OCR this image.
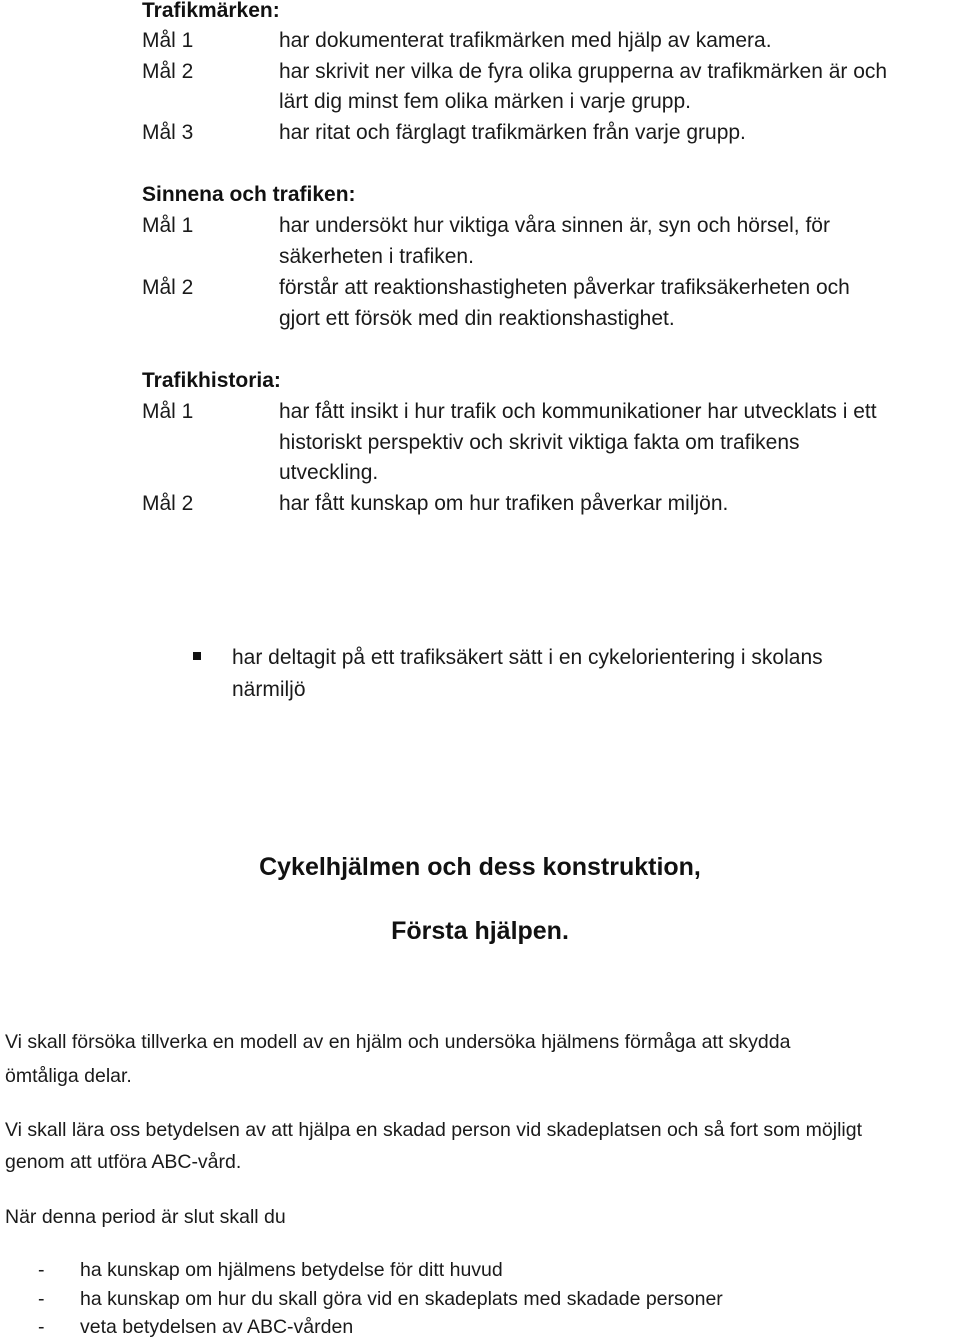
Trafikmärken:
Mål 1	har dokumenterat trafikmärken med hjälp av kamera.
Mål 2	har skrivit ner vilka de fyra olika grupperna av trafikmärken är och
lärt dig minst fem olika märken i varje grupp.
Mål 3	har ritat och färglagt trafikmärken från varje grupp.
Sinnena och trafiken:
Mål 1	har undersökt hur viktiga våra sinnen är, syn och hörsel, för
säkerheten i trafiken.
Mål 2	förstår att reaktionshastigheten påverkar trafiksäkerheten och
gjort ett försök med din reaktionshastighet.
Trafikhistoria:
Mål 1	har fått insikt i hur trafik och kommunikationer har utvecklats i ett
historiskt perspektiv och skrivit viktiga fakta om trafikens
utveckling.
Mål 2	har fått kunskap om hur trafiken påverkar miljön.
har deltagit på ett trafiksäkert sätt i en cykelorientering i skolans
närmiljö
Cykelhjälmen och dess konstruktion,
Första hjälpen.
Vi skall försöka tillverka en modell av en hjälm och undersöka hjälmens förmåga att skydda
ömtåliga delar.
Vi skall lära oss betydelsen av att hjälpa en skadad person vid skadeplatsen och så fort som möjligt
genom att utföra ABC-vård.
När denna period är slut skall du
- ha kunskap om hjälmens betydelse för ditt huvud
- ha kunskap om hur du skall göra vid en skadeplats med skadade personer
- veta betydelsen av ABC-vården
